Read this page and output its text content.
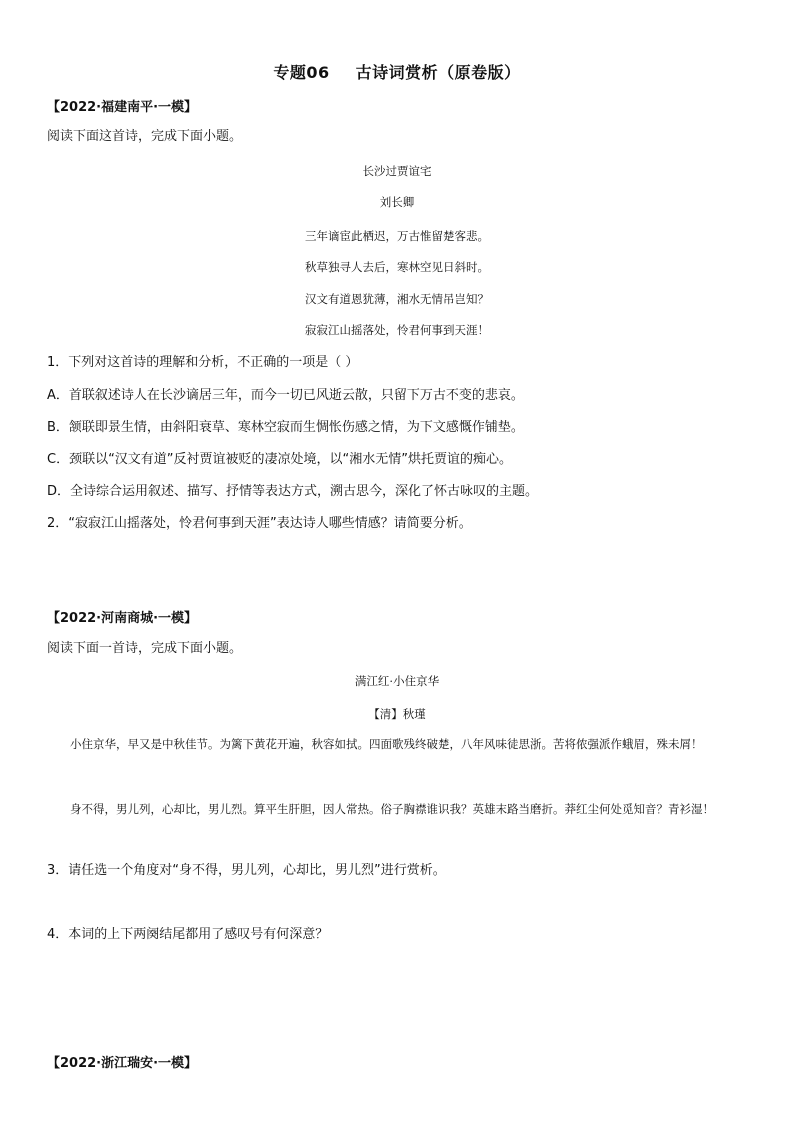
专题06 古诗词赏析（原卷版）
【2022·福建南平·一模】
阅读下面这首诗，完成下面小题。
长沙过贾谊宅
刘长卿
三年谪宦此栖迟，万古惟留楚客悲。
秋草独寻人去后，寒林空见日斜时。
汉文有道恩犹薄，湘水无情吊岂知？
寂寂江山摇落处，怜君何事到天涯！
1．下列对这首诗的理解和分析，不正确的一项是（ ）
A．首联叙述诗人在长沙谪居三年，而今一切已风逝云散，只留下万古不变的悲哀。
B．颔联即景生情，由斜阳衰草、寒林空寂而生惆怅伤感之情，为下文感慨作铺垫。
C．颈联以“汉文有道”反衬贾谊被贬的凄凉处境，以“湘水无情”烘托贾谊的痴心。
D．全诗综合运用叙述、描写、抒情等表达方式，溯古思今，深化了怀古咏叹的主题。
2．“寂寂江山摇落处，怜君何事到天涯”表达诗人哪些情感？请简要分析。
【2022·河南商城·一模】
阅读下面一首诗，完成下面小题。
满江红·小住京华
【清】秋瑾
小住京华，早又是中秋佳节。为篱下黄花开遍，秋容如拭。四面歌残终破楚，八年风味徒思浙。苦将侬强派作蛾眉，殊未屑！
身不得，男儿列，心却比，男儿烈。算平生肝胆，因人常热。俗子胸襟谁识我？英雄末路当磨折。莽红尘何处觅知音？青衫湿！
3．请任选一个角度对“身不得，男儿列，心却比，男儿烈”进行赏析。
4．本词的上下两阕结尾都用了感叹号有何深意？
【2022·浙江瑞安·一模】
